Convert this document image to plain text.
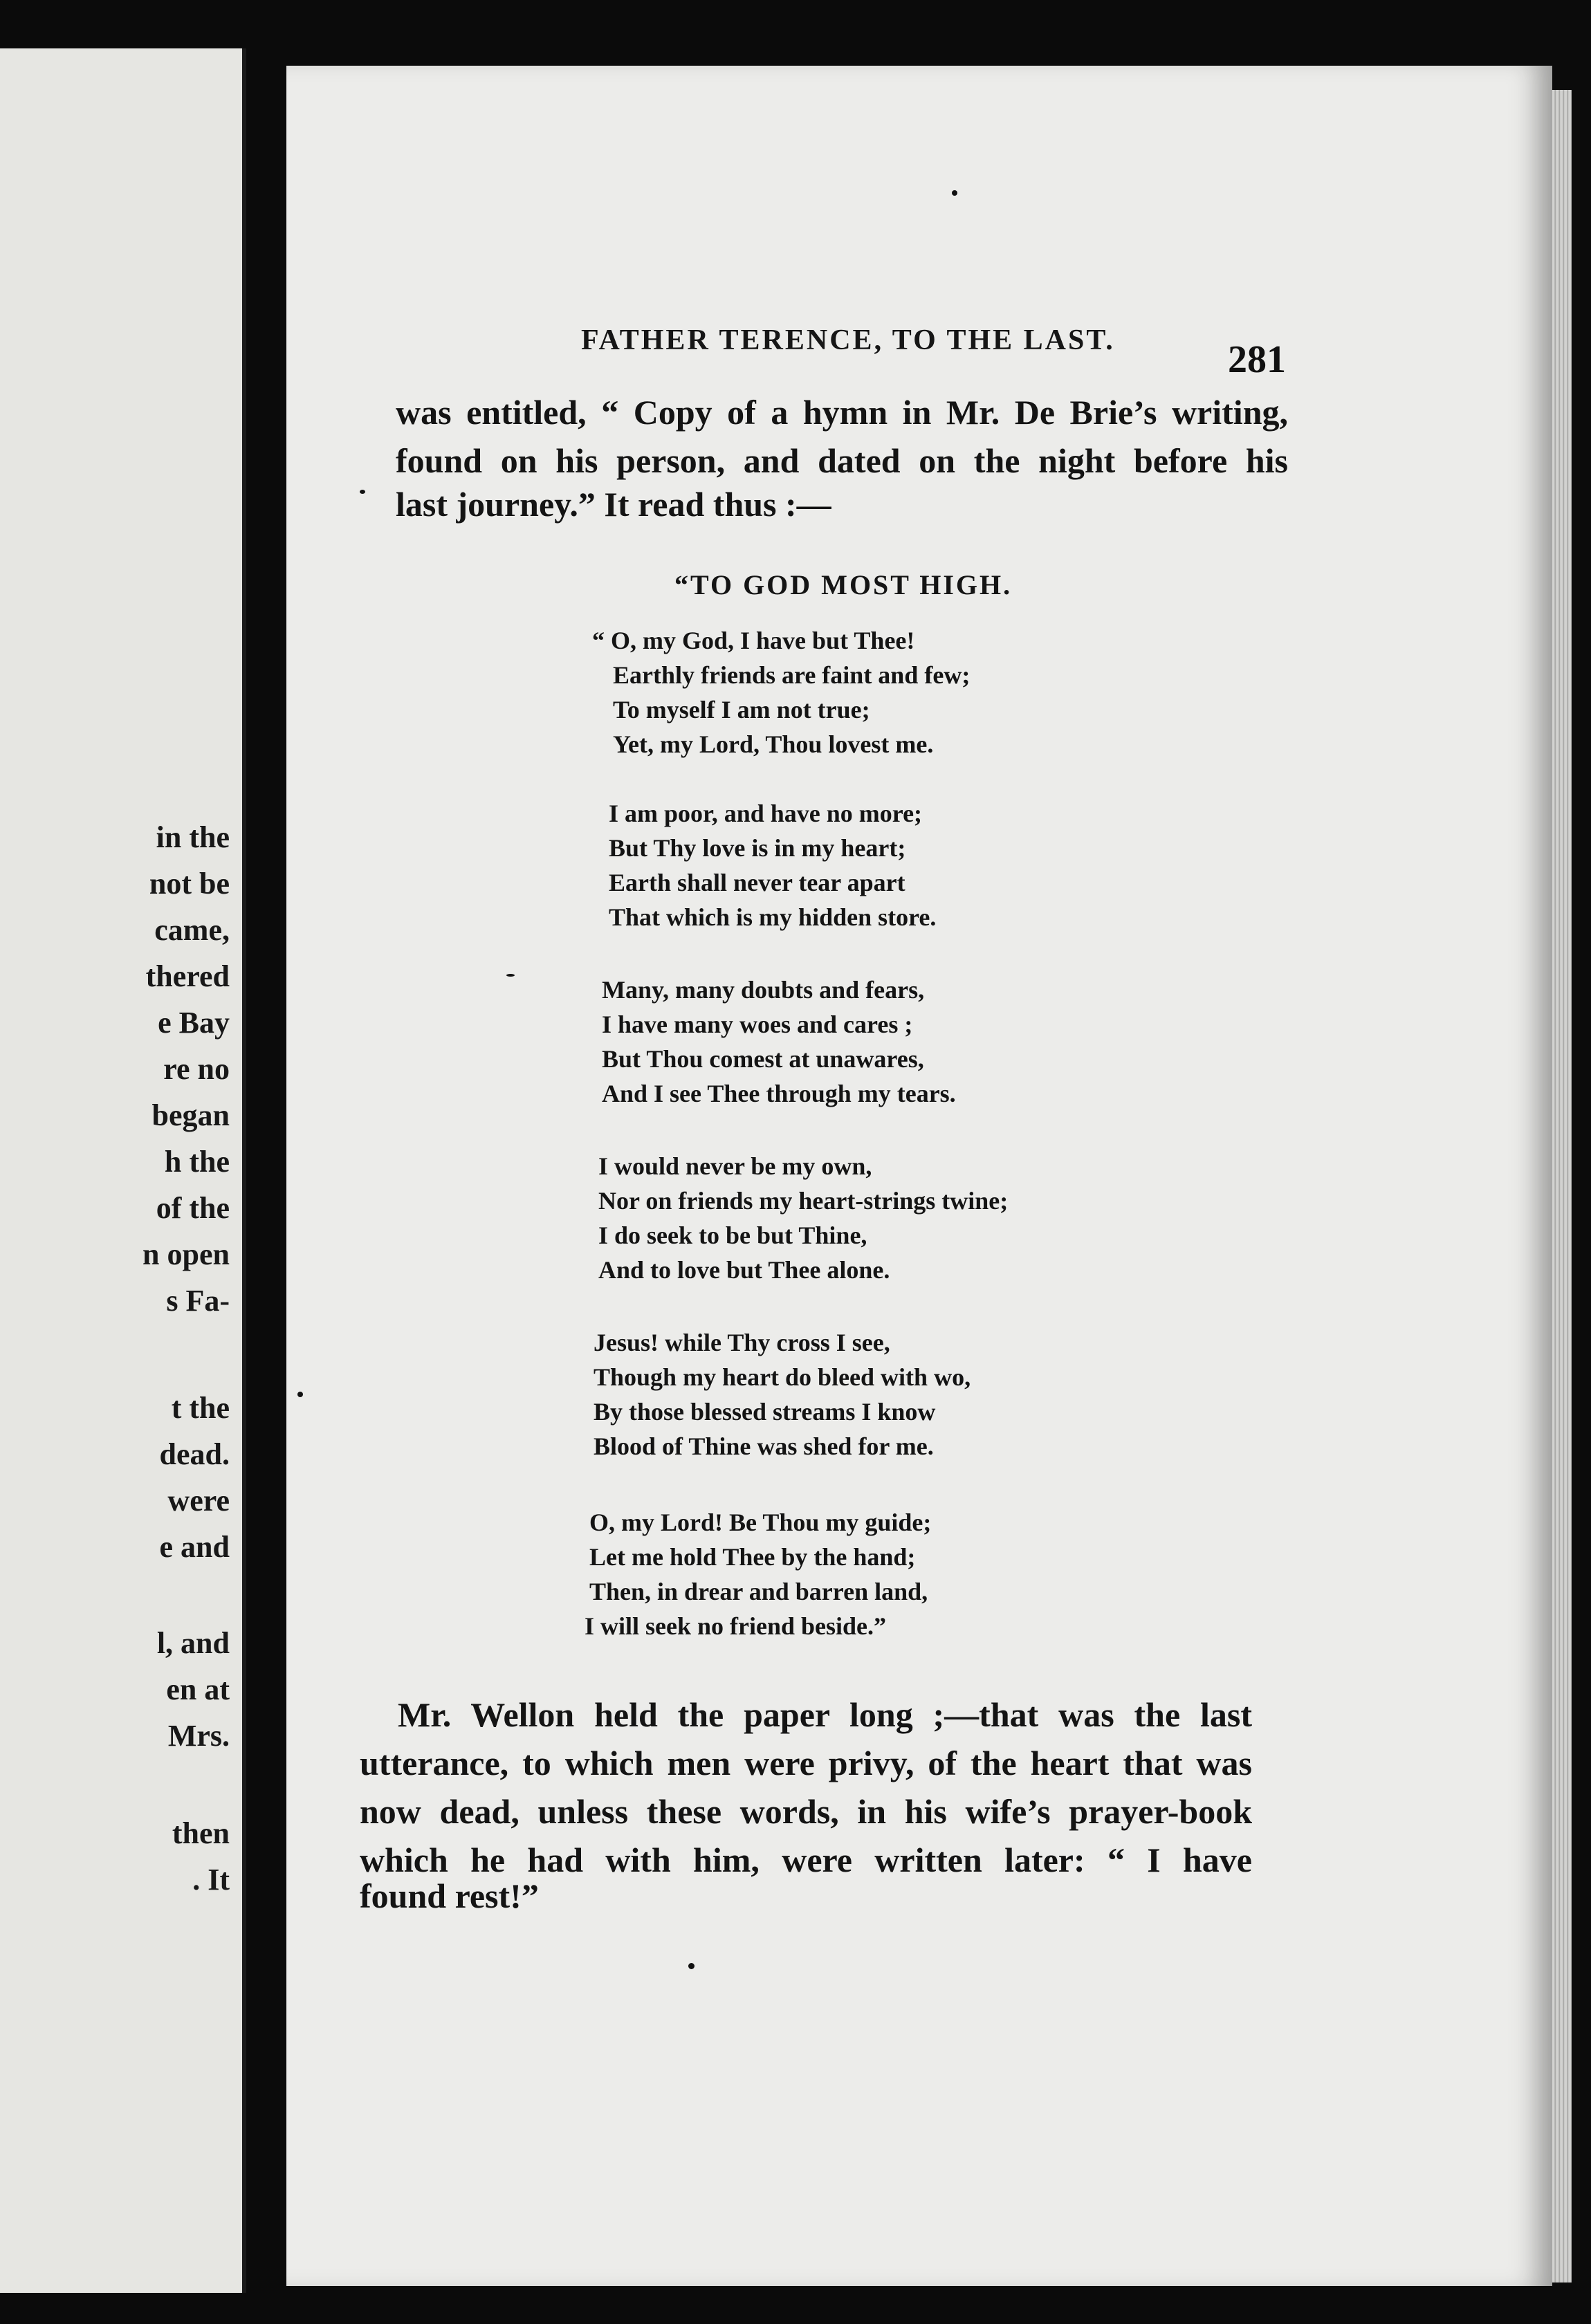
in the

not be

came,

thered

e Bay

re no

began

h the

of the

n open

s Fa-

t the

dead.

were

e and

l, and

en at

Mrs.

then

. It

FATHER TERENCE, TO THE LAST.	281

was entitled, “ Copy of a hymn in Mr. De Brie’s writing,

found on his person, and dated on the night before his

last journey.” It read thus :—

“TO GOD MOST HIGH.

“ O, my God, I have but Thee!

Earthly friends are faint and few;

To myself I am not true;

Yet, my Lord, Thou lovest me.

I am poor, and have no more;

But Thy love is in my heart;

Earth shall never tear apart

That which is my hidden store.

Many, many doubts and fears,

I have many woes and cares ;

But Thou comest at unawares,

And I see Thee through my tears.

I would never be my own,

Nor on friends my heart-strings twine;

I do seek to be but Thine,

And to love but Thee alone.

Jesus! while Thy cross I see,

Though my heart do bleed with wo,

By those blessed streams I know

Blood of Thine was shed for me.

O, my Lord! Be Thou my guide;

Let me hold Thee by the hand;

Then, in drear and barren land,

I will seek no friend beside.”

Mr. Wellon held the paper long ;—that was the last

utterance, to which men were privy, of the heart that was

now dead, unless these words, in his wife’s prayer-book

which he had with him, were written later: “ I have

found rest!”
